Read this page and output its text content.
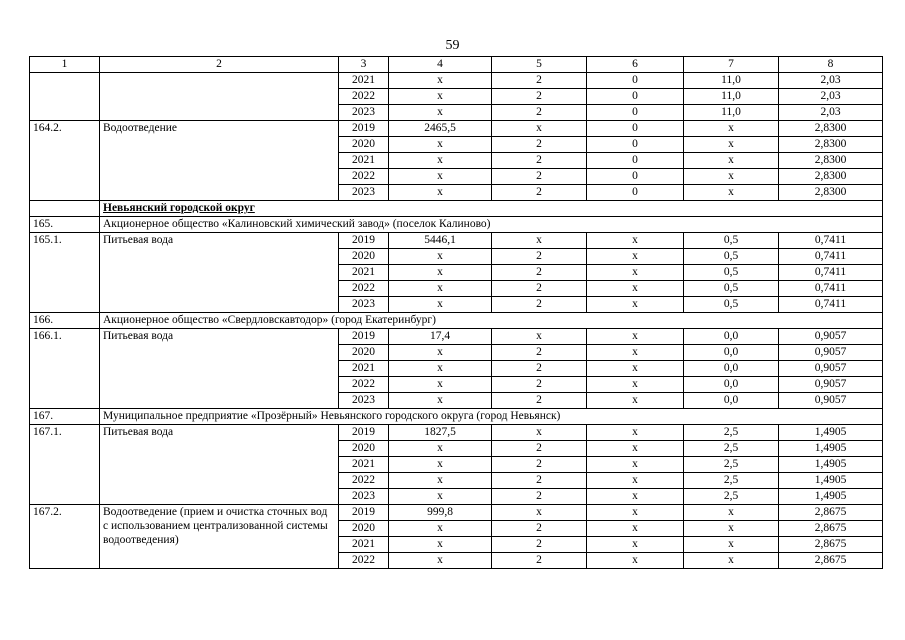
59
1	2	3	4	5	6	7	8
		2021	x	2	0	11,0	2,03
		2022	x	2	0	11,0	2,03
		2023	x	2	0	11,0	2,03
164.2.	Водоотведение	2019	2465,5	x	0	x	2,8300
		2020	x	2	0	x	2,8300
		2021	x	2	0	x	2,8300
		2022	x	2	0	x	2,8300
		2023	x	2	0	x	2,8300
	Невьянский городской округ						
165.	Акционерное общество «Калиновский химический завод» (поселок Калиново)						
165.1.	Питьевая вода	2019	5446,1	x	x	0,5	0,7411
		2020	x	2	x	0,5	0,7411
		2021	x	2	x	0,5	0,7411
		2022	x	2	x	0,5	0,7411
		2023	x	2	x	0,5	0,7411
166.	Акционерное общество «Свердловскавтодор» (город Екатеринбург)						
166.1.	Питьевая вода	2019	17,4	x	x	0,0	0,9057
		2020	x	2	x	0,0	0,9057
		2021	x	2	x	0,0	0,9057
		2022	x	2	x	0,0	0,9057
		2023	x	2	x	0,0	0,9057
167.	Муниципальное предприятие «Прозёрный» Невьянского городского округа (город Невьянск)						
167.1.	Питьевая вода	2019	1827,5	x	x	2,5	1,4905
		2020	x	2	x	2,5	1,4905
		2021	x	2	x	2,5	1,4905
		2022	x	2	x	2,5	1,4905
		2023	x	2	x	2,5	1,4905
167.2.	Водоотведение (прием и очистка сточных вод с использованием централизованной системы водоотведения)	2019	999,8	x	x	x	2,8675
		2020	x	2	x	x	2,8675
		2021	x	2	x	x	2,8675
		2022	x	2	x	x	2,8675
